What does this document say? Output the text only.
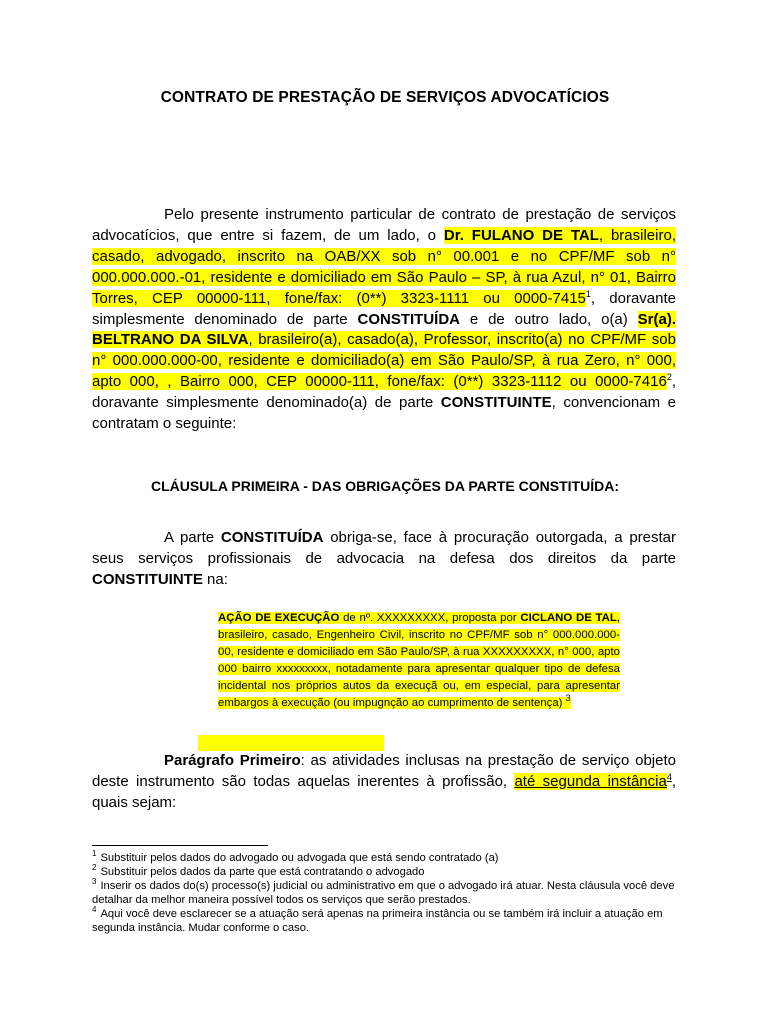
CONTRATO DE PRESTAÇÃO DE SERVIÇOS ADVOCATÍCIOS

Pelo presente instrumento particular de contrato de prestação de serviços advocatícios, que entre si fazem, de um lado, o Dr. FULANO DE TAL, brasileiro, casado, advogado, inscrito na OAB/XX sob n° 00.001 e no CPF/MF sob n° 000.000.000.-01, residente e domiciliado em São Paulo – SP, à rua Azul, n° 01, Bairro Torres, CEP 00000-111, fone/fax: (0**) 3323-1111 ou 0000-7415$^1$, doravante simplesmente denominado de parte CONSTITUÍDA e de outro lado, o(a) Sr(a). BELTRANO DA SILVA, brasileiro(a), casado(a), Professor, inscrito(a) no CPF/MF sob n° 000.000.000-00, residente e domiciliado(a) em São Paulo/SP, à rua Zero, n° 000, apto 000, , Bairro 000, CEP 00000-111, fone/fax: (0**) 3323-1112 ou 0000-7416$^2$, doravante simplesmente denominado(a) de parte CONSTITUINTE, convencionam e contratam o seguinte:

CLÁUSULA PRIMEIRA - DAS OBRIGAÇÕES DA PARTE CONSTITUÍDA:

A parte CONSTITUÍDA obriga-se, face à procuração outorgada, a prestar seus serviços profissionais de advocacia na defesa dos direitos da parte CONSTITUINTE na:

AÇÃO DE EXECUÇÃO de nº. XXXXXXXXX, proposta por CICLANO DE TAL, brasileiro, casado, Engenheiro Civil, inscrito no CPF/MF sob n° 000.000.000-00, residente e domiciliado em São Paulo/SP, à rua XXXXXXXXX, n° 000, apto 000 bairro xxxxxxxxx, notadamente para apresentar qualquer tipo de defesa incidental nos próprios autos da execuçã ou, em especial, para apresentar embargos à execução (ou impugnção ao cumprimento de sentença) $^3$

Parágrafo Primeiro: as atividades inclusas na prestação de serviço objeto deste instrumento são todas aquelas inerentes à profissão, até segunda instância$^4$, quais sejam:

$^1$ Substituir pelos dados do advogado ou advogada que está sendo contratado (a)
$^2$ Substituir pelos dados da parte que está contratando o advogado
$^3$ Inserir os dados do(s) processo(s) judicial ou administrativo em que o advogado irá atuar. Nesta cláusula você deve detalhar da melhor maneira possível todos os serviços que serão prestados.
$^4$ Aqui você deve esclarecer se a atuação será apenas na primeira instância ou se também irá incluir a atuação em segunda instância. Mudar conforme o caso.
